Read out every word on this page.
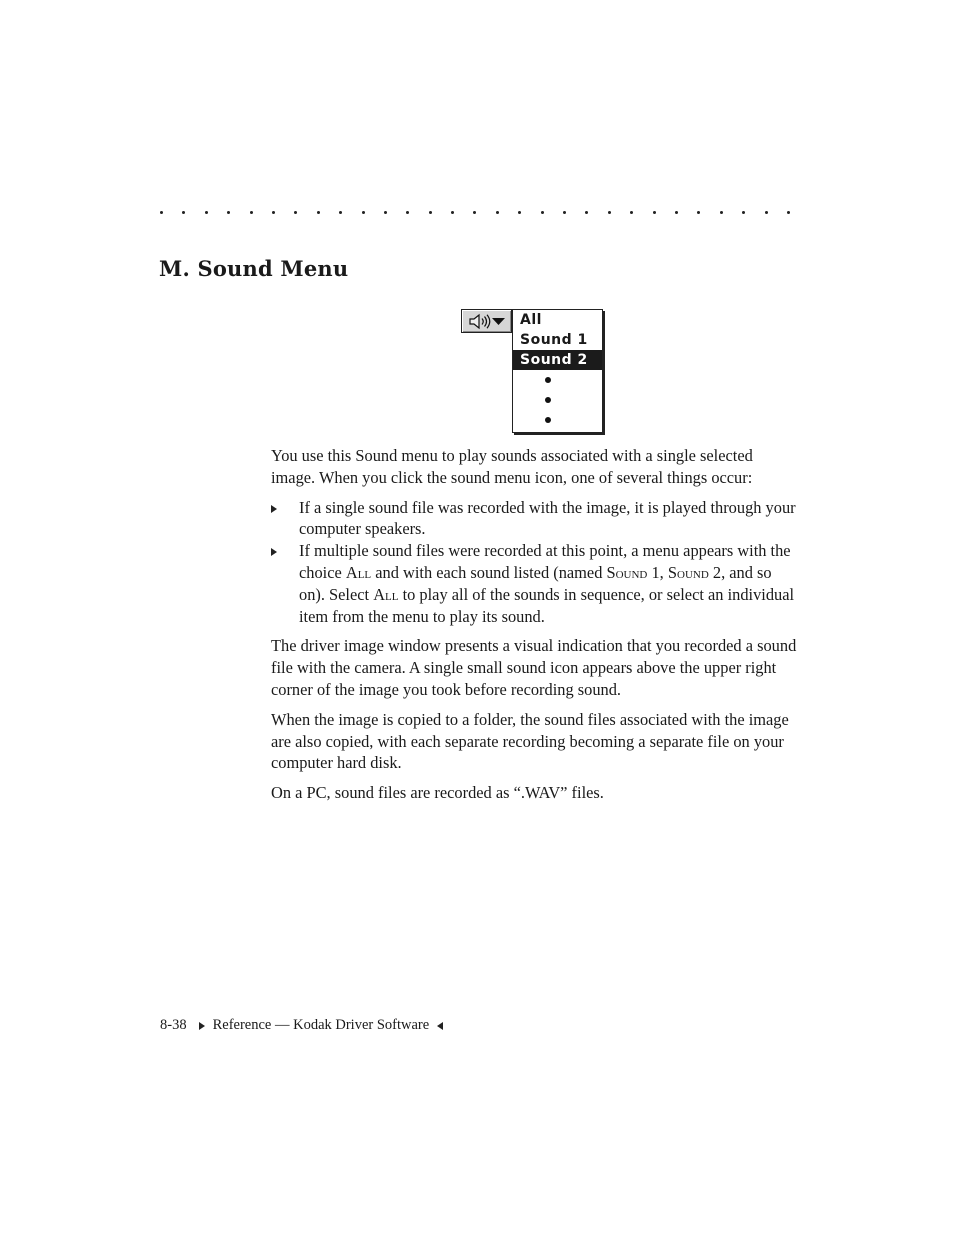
M. Sound Menu
All
Sound 1
Sound 2

You use this Sound menu to play sounds associated with a single selected image. When you click the sound menu icon, one of several things occur:

If a single sound file was recorded with the image, it is played through your computer speakers.
If multiple sound files were recorded at this point, a menu appears with the choice All and with each sound listed (named Sound 1, Sound 2, and so on). Select All to play all of the sounds in sequence, or select an individual item from the menu to play its sound.

The driver image window presents a visual indication that you recorded a sound file with the camera. A single small sound icon appears above the upper right corner of the image you took before recording sound.

When the image is copied to a folder, the sound files associated with the image are also copied, with each separate recording becoming a separate file on your computer hard disk.

On a PC, sound files are recorded as “.WAV” files.

8-38 Reference — Kodak Driver Software
